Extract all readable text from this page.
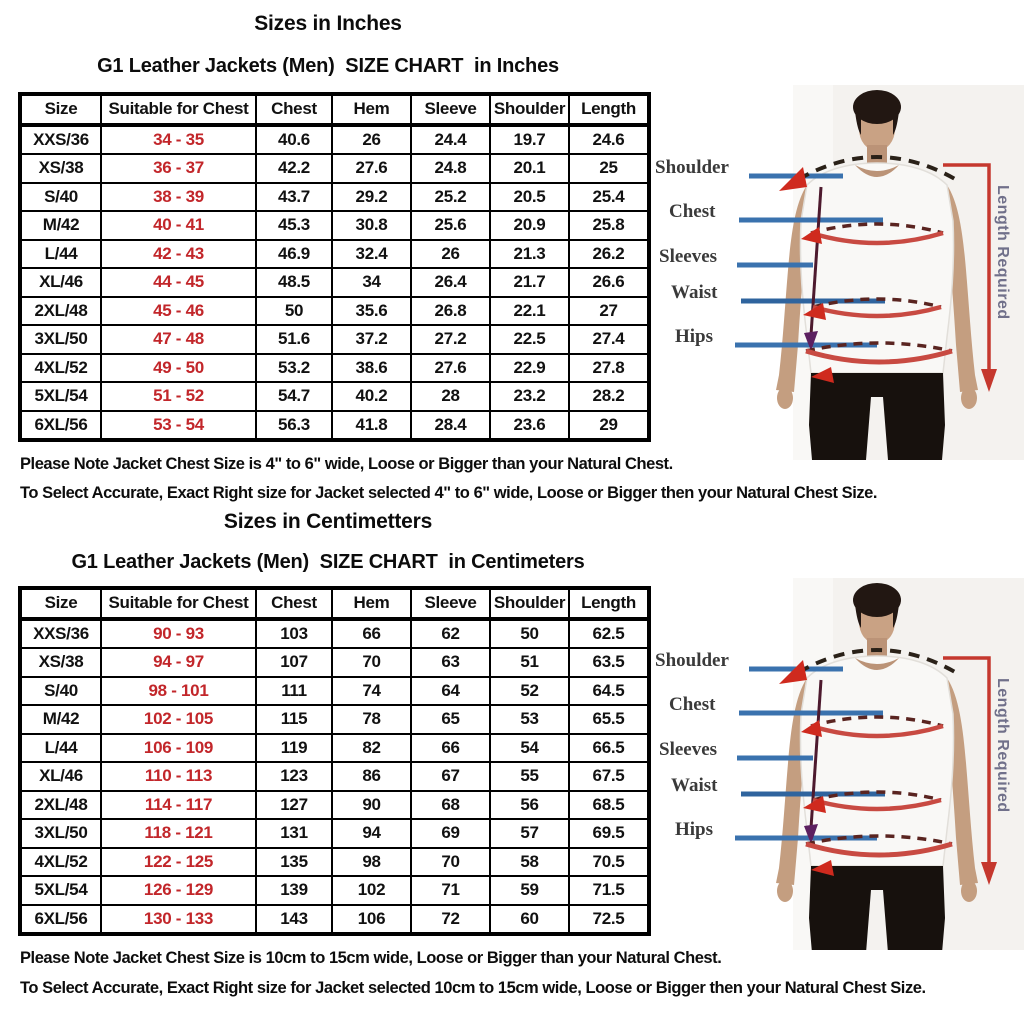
Sizes in Inches
G1 Leather Jackets (Men)  SIZE CHART  in Inches
Size	Suitable for Chest	Chest	Hem	Sleeve	Shoulder	Length
XXS/36	34 - 35	40.6	26	24.4	19.7	24.6
XS/38	36 - 37	42.2	27.6	24.8	20.1	25
S/40	38 - 39	43.7	29.2	25.2	20.5	25.4
M/42	40 - 41	45.3	30.8	25.6	20.9	25.8
L/44	42 - 43	46.9	32.4	26	21.3	26.2
XL/46	44 - 45	48.5	34	26.4	21.7	26.6
2XL/48	45 - 46	50	35.6	26.8	22.1	27
3XL/50	47 - 48	51.6	37.2	27.2	22.5	27.4
4XL/52	49 - 50	53.2	38.6	27.6	22.9	27.8
5XL/54	51 - 52	54.7	40.2	28	23.2	28.2
6XL/56	53 - 54	56.3	41.8	28.4	23.6	29

Please Note Jacket Chest Size is 4" to 6" wide, Loose or Bigger than your Natural Chest.

To Select Accurate, Exact Right size for Jacket selected 4" to 6" wide, Loose or Bigger then your Natural Chest Size.

Sizes in Centimetters
G1 Leather Jackets (Men)  SIZE CHART  in Centimeters
Size	Suitable for Chest	Chest	Hem	Sleeve	Shoulder	Length
XXS/36	90 - 93	103	66	62	50	62.5
XS/38	94 - 97	107	70	63	51	63.5
S/40	98 - 101	111	74	64	52	64.5
M/42	102 - 105	115	78	65	53	65.5
L/44	106 - 109	119	82	66	54	66.5
XL/46	110 - 113	123	86	67	55	67.5
2XL/48	114 - 117	127	90	68	56	68.5
3XL/50	118 - 121	131	94	69	57	69.5
4XL/52	122 - 125	135	98	70	58	70.5
5XL/54	126 - 129	139	102	71	59	71.5
6XL/56	130 - 133	143	106	72	60	72.5

Please Note Jacket Chest Size is 10cm to 15cm wide, Loose or Bigger than your Natural Chest.

To Select Accurate, Exact Right size for Jacket selected 10cm to 15cm wide, Loose or Bigger then your Natural Chest Size.

Shoulder
Chest
Sleeves
Waist
Hips
Length Required
Shoulder
Chest
Sleeves
Waist
Hips
Length Required
